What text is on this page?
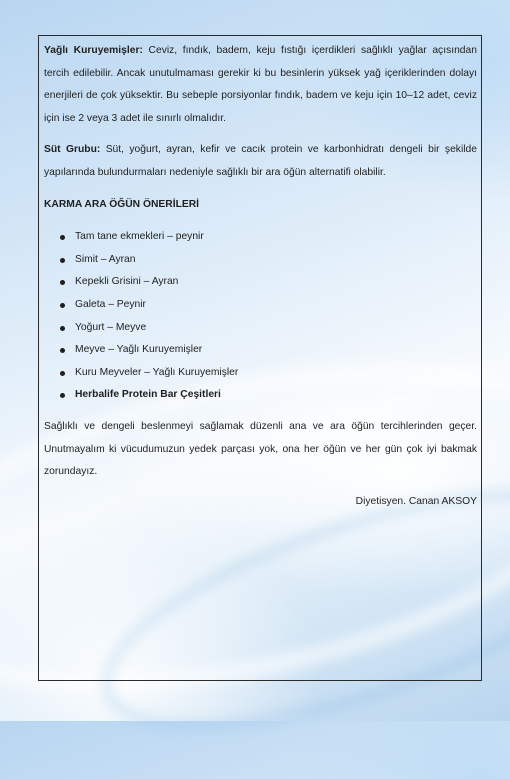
Yağlı Kuruyemişler: Ceviz, fındık, badem, keju fıstığı içerdikleri sağlıklı yağlar açısından tercih edilebilir. Ancak unutulmaması gerekir ki bu besinlerin yüksek yağ içeriklerinden dolayı enerjileri de çok yüksektir. Bu sebeple porsiyonlar fındık, badem ve keju için 10–12 adet, ceviz için ise 2 veya 3 adet ile sınırlı olmalıdır.

Süt Grubu: Süt, yoğurt, ayran, kefir ve cacık protein ve karbonhidratı dengeli bir şekilde yapılarında bulundurmaları nedeniyle sağlıklı bir ara öğün alternatifi olabilir.

KARMA ARA ÖĞÜN ÖNERİLERİ
Tam tane ekmekleri – peynir
Simit – Ayran
Kepekli Grisini – Ayran
Galeta – Peynir
Yoğurt – Meyve
Meyve – Yağlı Kuruyemişler
Kuru Meyveler – Yağlı Kuruyemişler
Herbalife Protein Bar Çeşitleri

Sağlıklı ve dengeli beslenmeyi sağlamak düzenli ana ve ara öğün tercihlerinden geçer. Unutmayalım ki vücudumuzun yedek parçası yok, ona her öğün ve her gün çok iyi bakmak zorundayız.

Diyetisyen. Canan AKSOY
